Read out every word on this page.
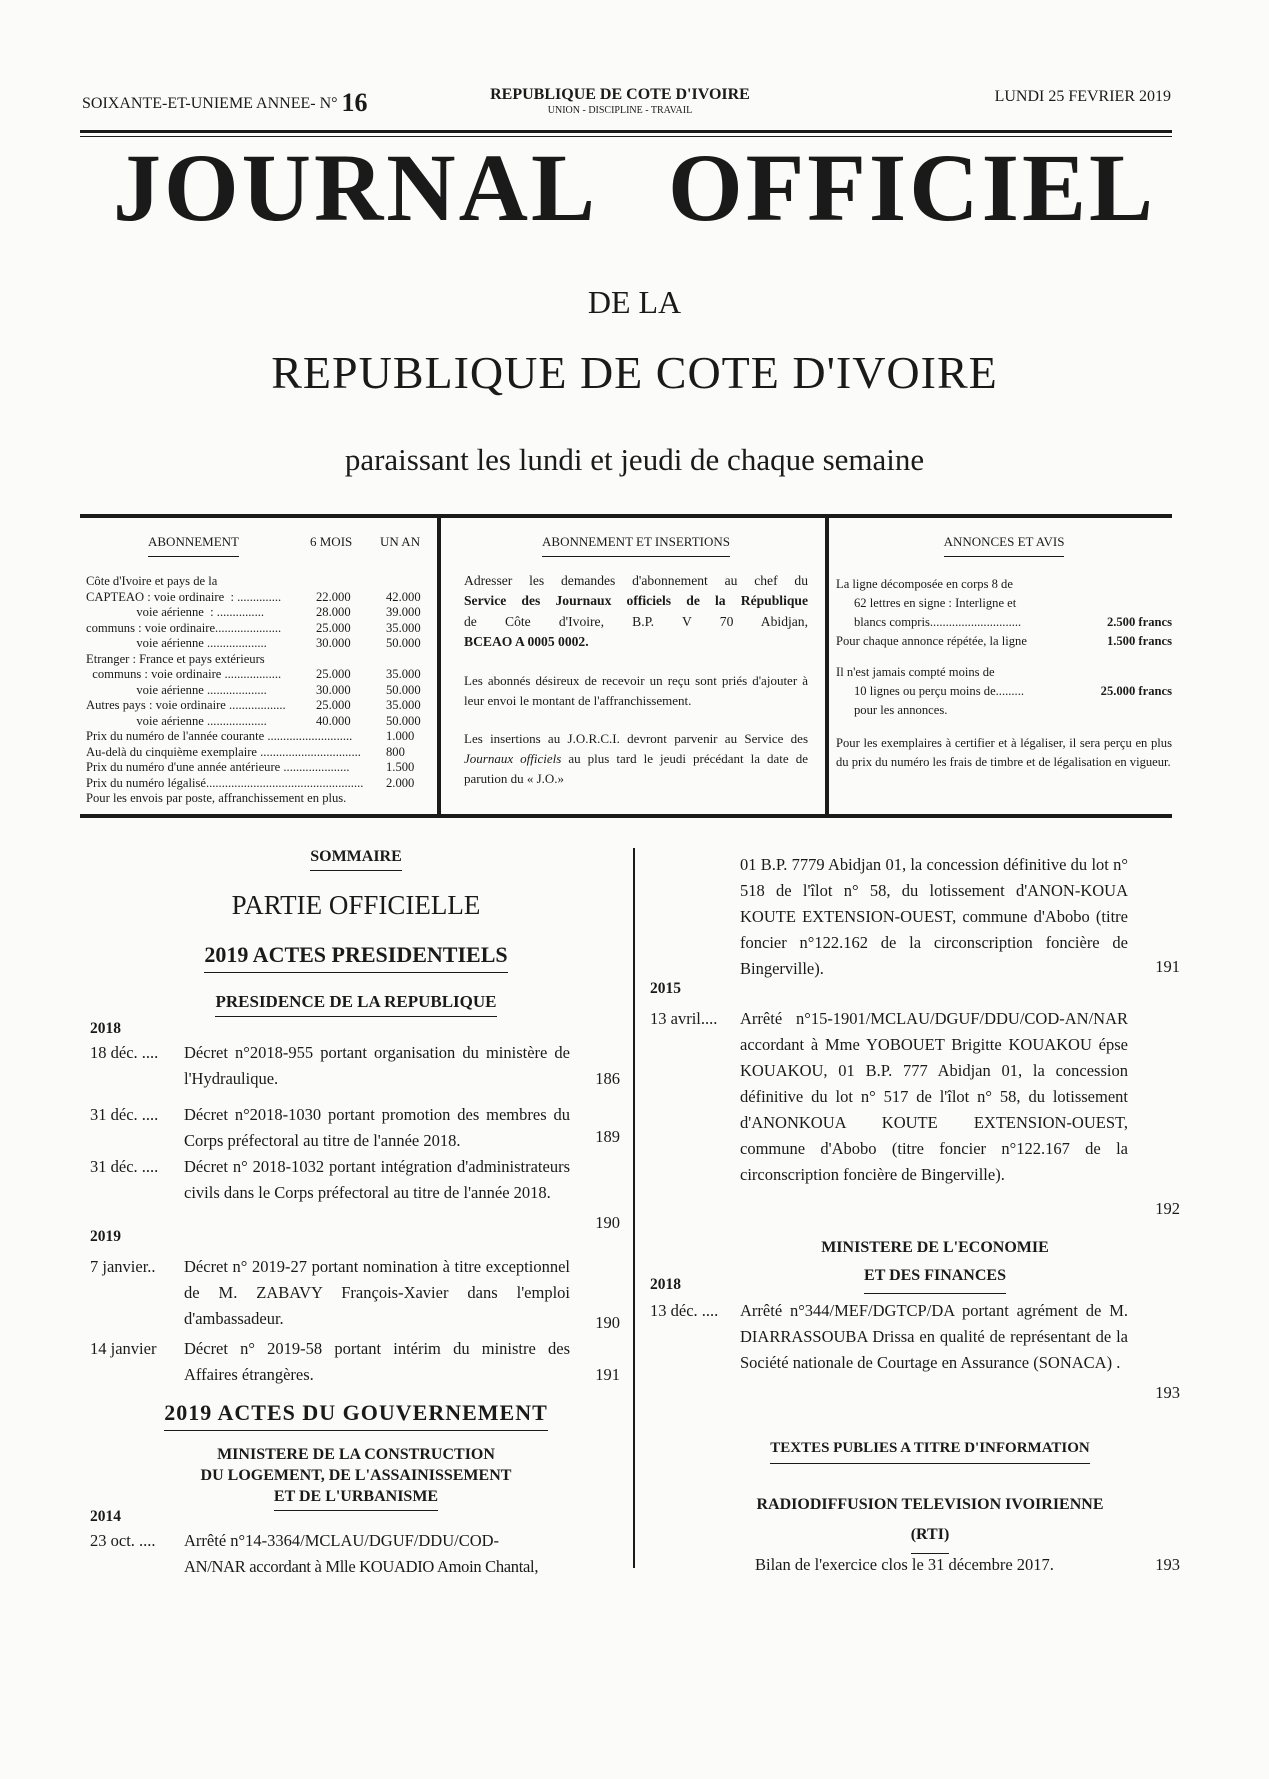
SOIXANTE-ET-UNIEME ANNEE- N° 16	REPUBLIQUE DE COTE D'IVOIRE
UNION - DISCIPLINE - TRAVAIL
LUNDI 25 FEVRIER 2019
JOURNAL OFFICIEL
DE LA
REPUBLIQUE DE COTE D'IVOIRE
paraissant les lundi et jeudi de chaque semaine
ABONNEMENT	6 MOIS UN AN
Côte d'Ivoire et pays de la
CAPTEAO : voie ordinaire  : ..............	22.000	42.000
voie aérienne  : ...............	28.000	39.000
communs : voie ordinaire.....................	25.000	35.000
voie aérienne ...................	30.000	50.000
Etranger : France et pays extérieurs
communs : voie ordinaire ..................	25.000	35.000
voie aérienne ...................	30.000	50.000
Autres pays : voie ordinaire .................. 25.000	35.000
voie aérienne ...................	40.000	50.000
Prix du numéro de l'année courante ...........................	1.000
Au-delà du cinquième exemplaire ................................ 800
Prix du numéro d'une année antérieure .....................	1.500
Prix du numéro légalisé.................................................. 2.000
Pour les envois par poste, affranchissement en plus.
ABONNEMENT ET INSERTIONS
Adresser les demandes d'abonnement au chef du
Service des Journaux officiels de la République
de Côte d'Ivoire, B.P. V 70 Abidjan,
BCEAO A 0005 0002.
Les abonnés désireux de recevoir un reçu sont priés d'ajouter à leur envoi le montant de l'affranchissement.
Les insertions au J.O.R.C.I. devront parvenir au Service des Journaux officiels au plus tard le jeudi précédant la date de parution du « J.O.»
ANNONCES ET AVIS
La ligne décomposée en corps 8 de
62 lettres en signe : Interligne et
blancs compris.............................	2.500 francs
Pour chaque annonce répétée, la ligne	1.500 francs
Il n'est jamais compté moins de
10 lignes ou perçu moins de.........	25.000 francs
pour les annonces.
Pour les exemplaires à certifier et à légaliser, il sera perçu en plus du prix du numéro les frais de timbre et de légalisation en vigueur.
SOMMAIRE
PARTIE OFFICIELLE
2019 ACTES PRESIDENTIELS
PRESIDENCE DE LA REPUBLIQUE
2018
18 déc. .... Décret n°2018-955 portant organisation du ministère de l'Hydraulique.	186
31 déc. .... Décret n°2018-1030 portant promotion des membres du Corps préfectoral au titre de l'année 2018.	189
31 déc. .... Décret n° 2018-1032 portant intégration d'administrateurs civils dans le Corps préfectoral au titre de l'année 2018.
190
2019
7 janvier.. Décret n° 2019-27 portant nomination à titre exceptionnel de M. ZABAVY François-Xavier dans l'emploi d'ambassadeur.	190
14 janvier Décret n° 2019-58 portant intérim du ministre des Affaires étrangères.	191
2019 ACTES DU GOUVERNEMENT
MINISTERE DE LA CONSTRUCTION
DU LOGEMENT, DE L'ASSAINISSEMENT
ET DE L'URBANISME
2014
23 oct. .... Arrêté n°14-3364/MCLAU/DGUF/DDU/COD-
AN/NAR accordant à Mlle KOUADIO Amoin Chantal,
01 B.P. 7779 Abidjan 01, la concession définitive du lot n° 518 de l'îlot n° 58, du lotissement d'ANON-KOUA KOUTE EXTENSION-OUEST, commune d'Abobo (titre foncier n°122.162 de la circonscription foncière de Bingerville).	191
2015
13 avril.... Arrêté n°15-1901/MCLAU/DGUF/DDU/COD-AN/NAR accordant à Mme YOBOUET Brigitte KOUAKOU épse KOUAKOU, 01 B.P. 777 Abidjan 01, la concession définitive du lot n° 517 de l'îlot n° 58, du lotissement d'ANONKOUA KOUTE EXTENSION-OUEST, commune d'Abobo (titre foncier n°122.167 de la circonscription foncière de Bingerville).
192
MINISTERE DE L'ECONOMIE
ET DES FINANCES
2018
13 déc. .... Arrêté n°344/MEF/DGTCP/DA portant agrément de M. DIARRASSOUBA Drissa en qualité de représentant de la Société nationale de Courtage en Assurance (SONACA) .
193
TEXTES PUBLIES A TITRE D'INFORMATION
RADIODIFFUSION TELEVISION IVOIRIENNE
(RTI)
Bilan de l'exercice clos le 31 décembre 2017.	193
